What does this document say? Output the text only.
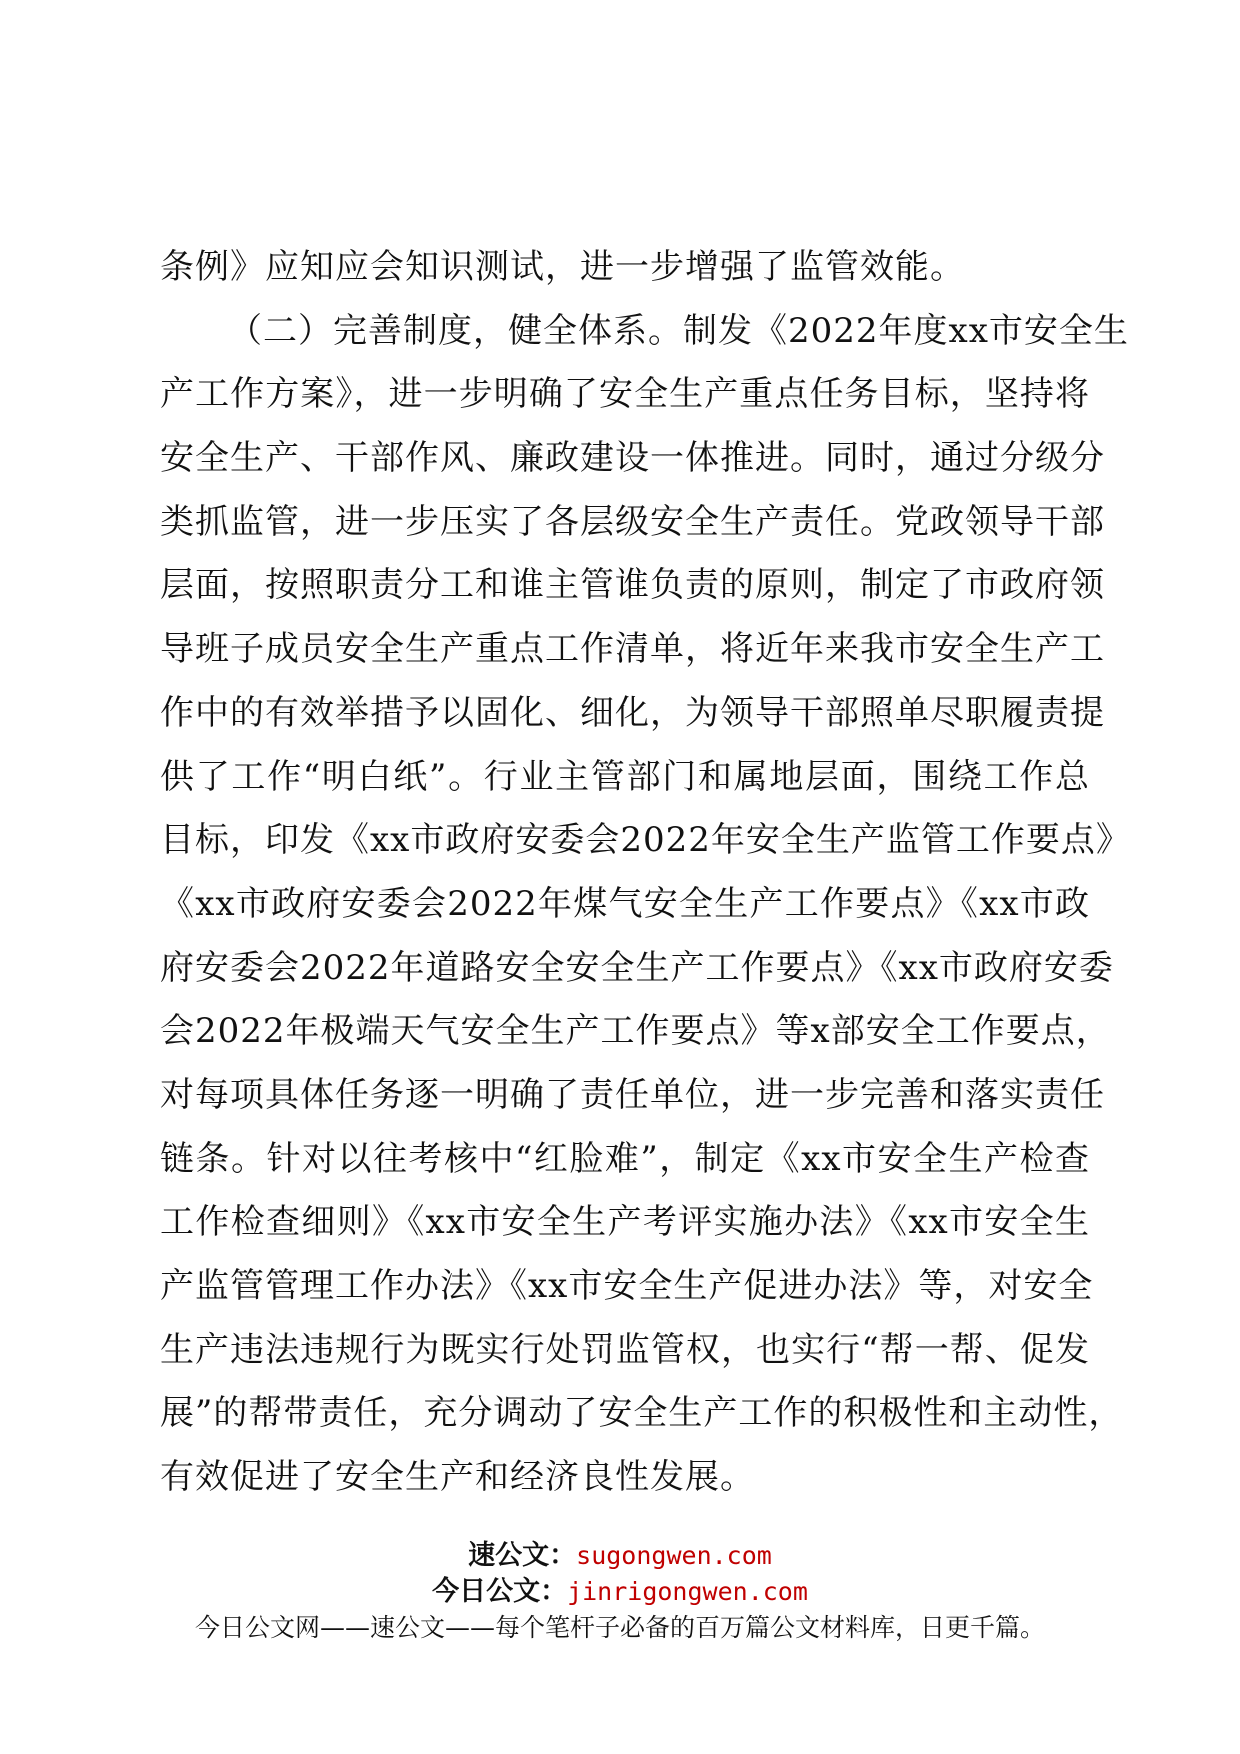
条例》应知应会知识测试，进一步增强了监管效能。
（二）完善制度，健全体系。制发《2022年度xx市安全生
产工作方案》，进一步明确了安全生产重点任务目标，坚持将
安全生产、干部作风、廉政建设一体推进。同时，通过分级分
类抓监管，进一步压实了各层级安全生产责任。党政领导干部
层面，按照职责分工和谁主管谁负责的原则，制定了市政府领
导班子成员安全生产重点工作清单，将近年来我市安全生产工
作中的有效举措予以固化、细化，为领导干部照单尽职履责提
供了工作“明白纸”。行业主管部门和属地层面，围绕工作总
目标，印发《xx市政府安委会2022年安全生产监管工作要点》
《xx市政府安委会2022年煤气安全生产工作要点》《xx市政
府安委会2022年道路安全安全生产工作要点》《xx市政府安委
会2022年极端天气安全生产工作要点》等x部安全工作要点，
对每项具体任务逐一明确了责任单位，进一步完善和落实责任
链条。针对以往考核中“红脸难”，制定《xx市安全生产检查
工作检查细则》《xx市安全生产考评实施办法》《xx市安全生
产监管管理工作办法》《xx市安全生产促进办法》等，对安全
生产违法违规行为既实行处罚监管权，也实行“帮一帮、促发
展”的帮带责任，充分调动了安全生产工作的积极性和主动性，
有效促进了安全生产和经济良性发展。
速公文：sugongwen.com
今日公文：jinrigongwen.com
今日公文网——速公文——每个笔杆子必备的百万篇公文材料库，日更千篇。
